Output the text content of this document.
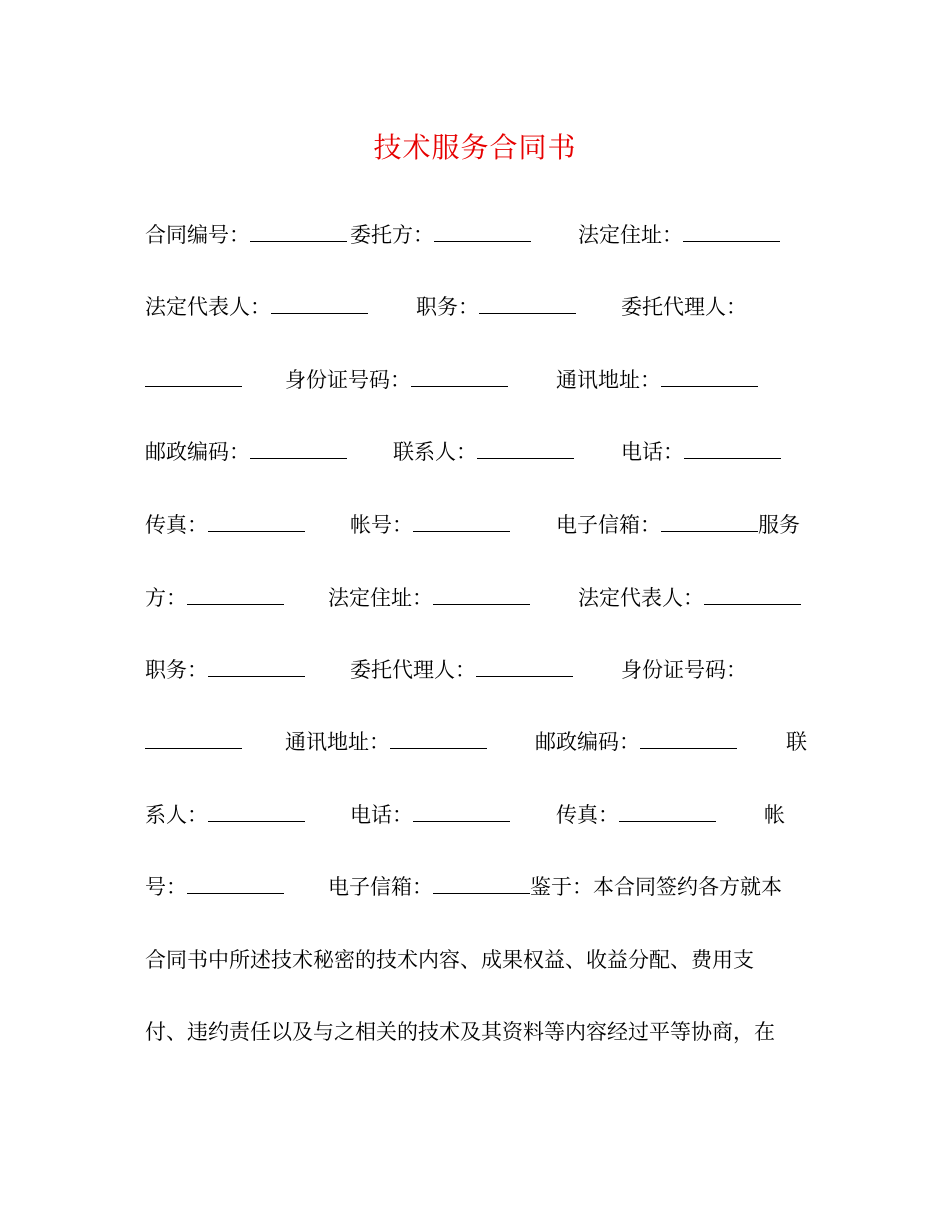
技术服务合同书
合同编号：	委托方：	法定住址：
法定代表人：	职务：	委托代理人：
身份证号码：	通讯地址：
邮政编码：	联系人：	电话：
传真：	帐号：	电子信箱：	服务
方：	法定住址：	法定代表人：
职务：	委托代理人：	身份证号码：
通讯地址：	邮政编码：	联
系人：	电话：	传真：	帐
号：	电子信箱：	鉴于：本合同签约各方就本
合同书中所述技术秘密的技术内容、成果权益、收益分配、费用支
付、违约责任以及与之相关的技术及其资料等内容经过平等协商，在
